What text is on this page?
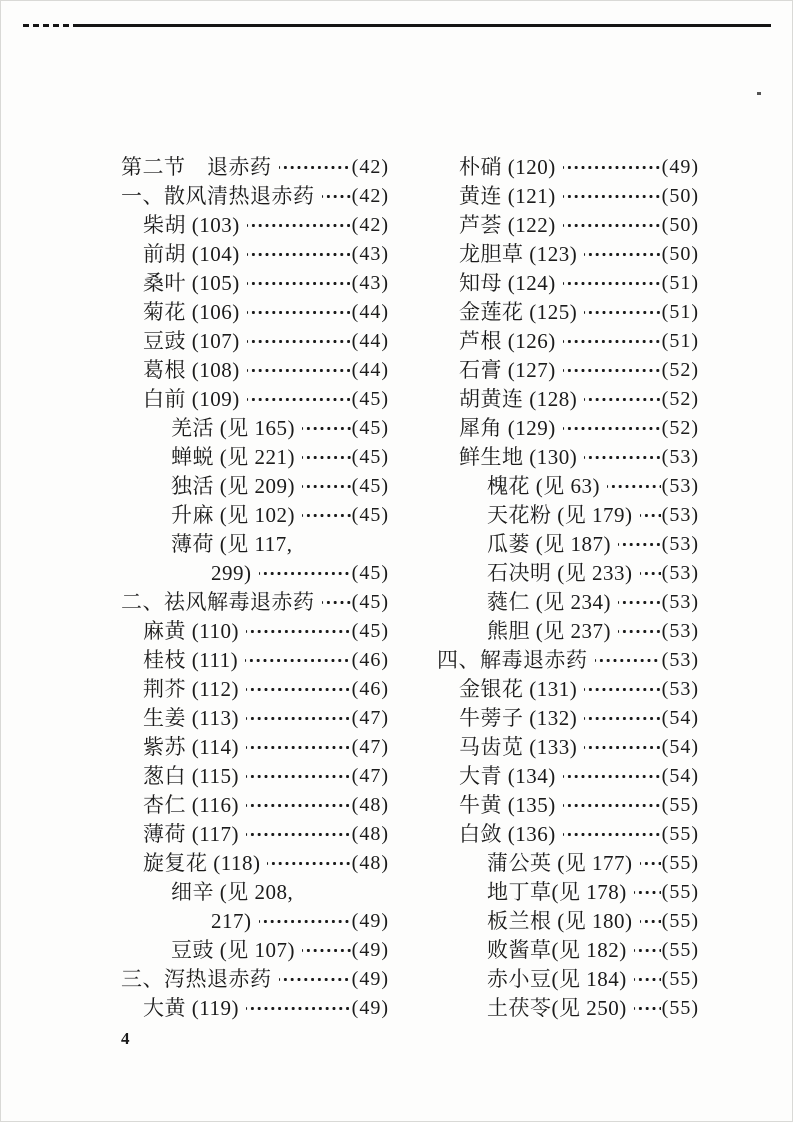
第二节　退赤药	(42)
一、散风清热退赤药 (42)
柴胡 (103)	(42)
前胡 (104)	(43)
桑叶 (105)	(43)
菊花 (106)	(44)
豆豉 (107)	(44)
葛根 (108)	(44)
白前 (109)	(45)
羌活 (见 165)	(45)
蝉蜕 (见 221)	(45)
独活 (见 209)	(45)
升麻 (见 102)	(45)
薄荷 (见 117,
299)	(45)
二、祛风解毒退赤药 (45)
麻黄 (110)	(45)
桂枝 (111)	(46)
荆芥 (112)	(46)
生姜 (113)	(47)
紫苏 (114)	(47)
葱白 (115)	(47)
杏仁 (116)	(48)
薄荷 (117)	(48)
旋复花 (118)	(48)
细辛 (见 208,
217)	(49)
豆豉 (见 107)	(49)
三、泻热退赤药	(49)
大黄 (119)	(49)
朴硝 (120)	(49)
黄连 (121)	(50)
芦荟 (122)	(50)
龙胆草 (123)	(50)
知母 (124)	(51)
金莲花 (125)	(51)
芦根 (126)	(51)
石膏 (127)	(52)
胡黄连 (128)	(52)
犀角 (129)	(52)
鲜生地 (130)	(53)
槐花 (见 63)	(53)
天花粉 (见 179) (53)
瓜蒌 (见 187)	(53)
石决明 (见 233) (53)
蕤仁 (见 234)	(53)
熊胆 (见 237)	(53)
四、解毒退赤药	(53)
金银花 (131)	(53)
牛蒡子 (132)	(54)
马齿苋 (133)	(54)
大青 (134)	(54)
牛黄 (135)	(55)
白敛 (136)	(55)
蒲公英 (见 177) (55)
地丁草(见 178) (55)
板兰根 (见 180) (55)
败酱草(见 182) (55)
赤小豆(见 184) (55)
土茯苓(见 250) (55)
4
